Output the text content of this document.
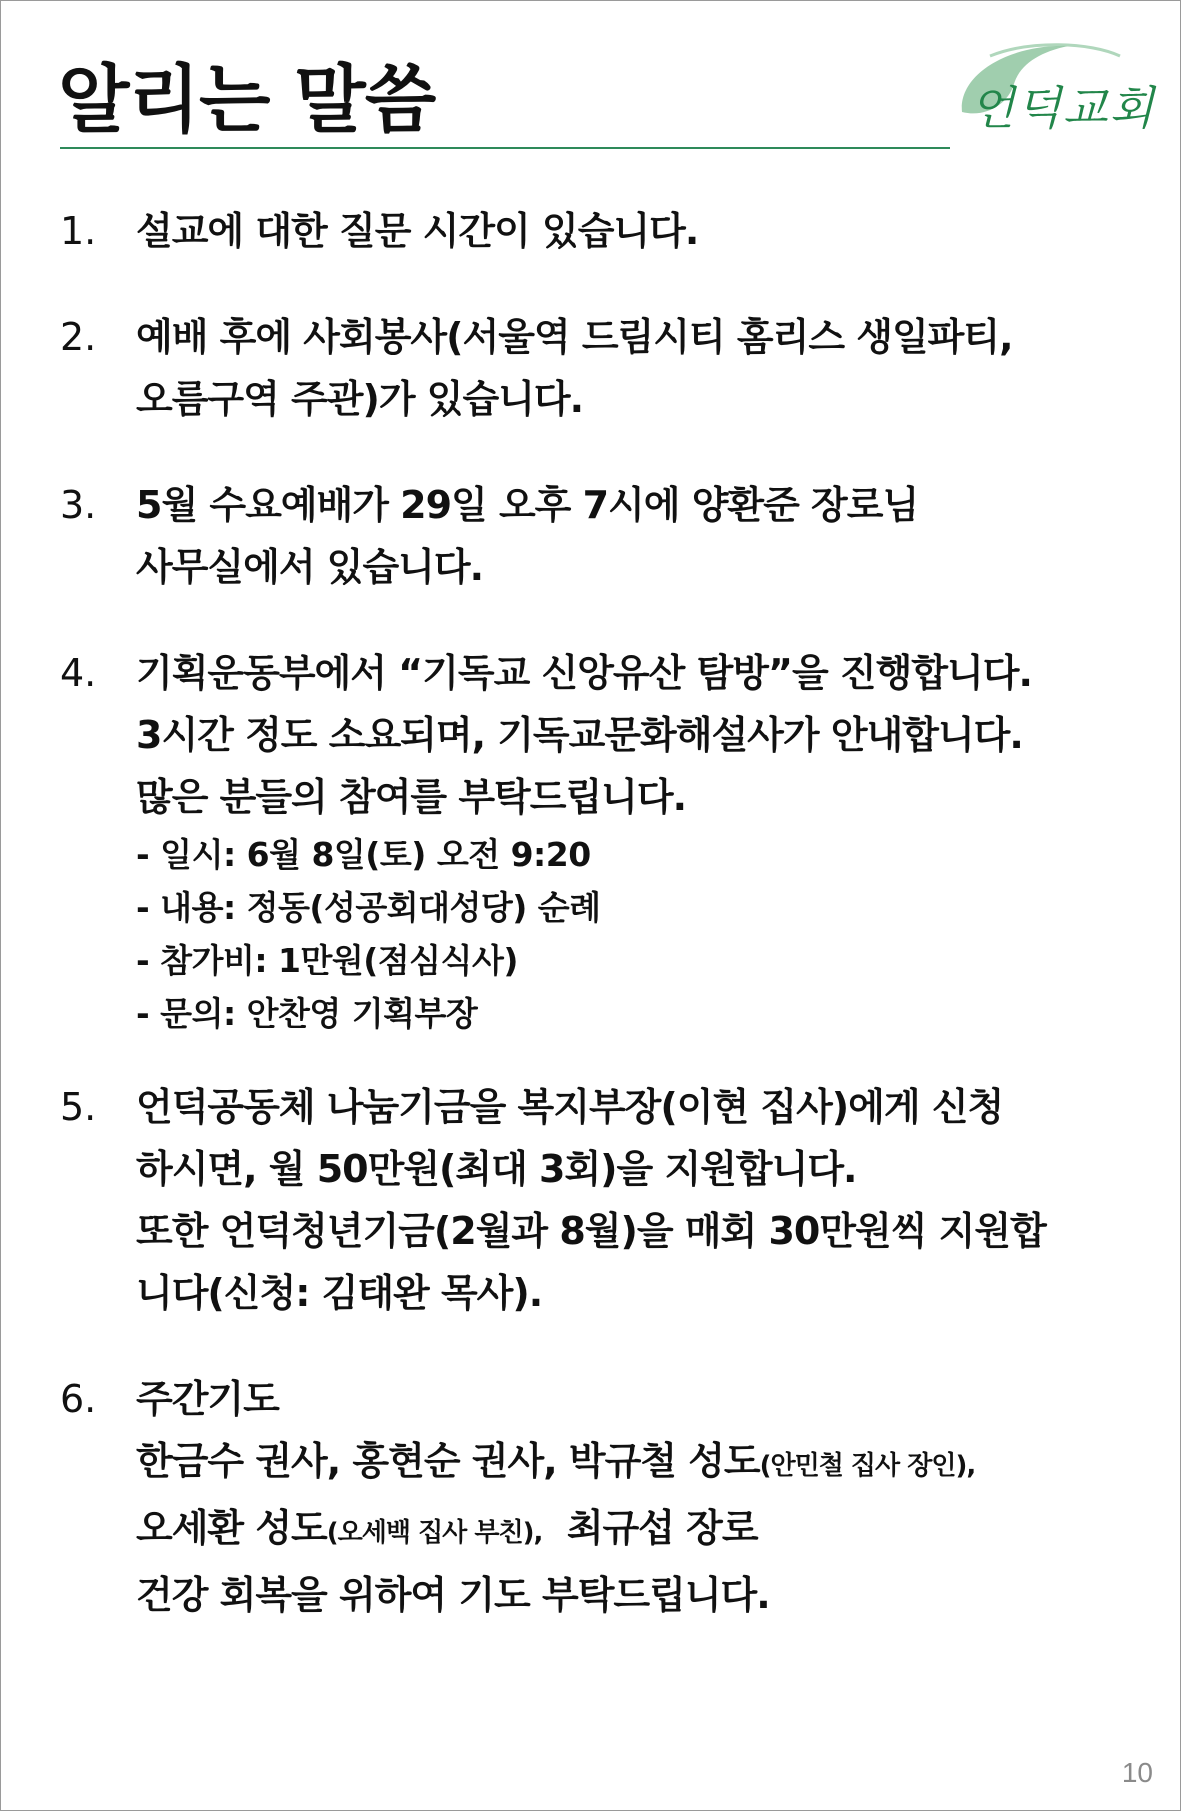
알리는 말씀	언덕교회
1. 설교에 대한 질문 시간이 있습니다.
2. 예배 후에 사회봉사(서울역 드림시티 홈리스 생일파티,
오름구역 주관)가 있습니다.
3. 5월 수요예배가 29일 오후 7시에 양환준 장로님
사무실에서 있습니다.
4. 기획운동부에서 “기독교 신앙유산 탐방”을 진행합니다.
3시간 정도 소요되며, 기독교문화해설사가 안내합니다.
많은 분들의 참여를 부탁드립니다.
- 일시: 6월 8일(토) 오전 9:20
- 내용: 정동(성공회대성당) 순례
- 참가비: 1만원(점심식사)
- 문의: 안찬영 기획부장
5. 언덕공동체 나눔기금을 복지부장(이현 집사)에게 신청
하시면, 월 50만원(최대 3회)을 지원합니다.
또한 언덕청년기금(2월과 8월)을 매회 30만원씩 지원합
니다(신청: 김태완 목사).
6. 주간기도
한금수 권사, 홍현순 권사, 박규철 성도(안민철 집사 장인),
오세환 성도(오세백 집사 부친), 최규섭 장로
건강 회복을 위하여 기도 부탁드립니다.
10
